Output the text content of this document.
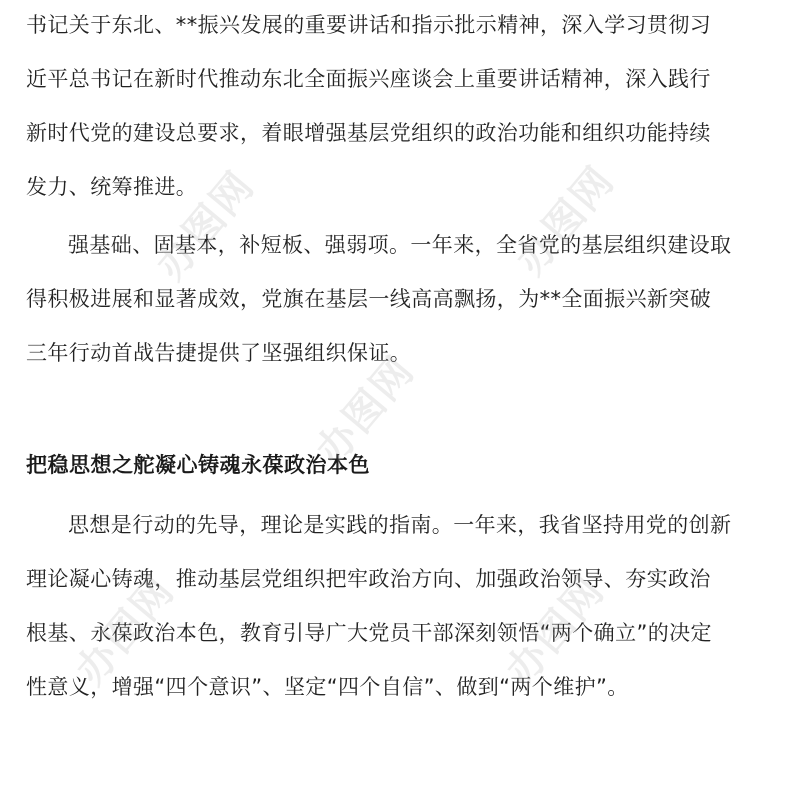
书记关于东北、**振兴发展的重要讲话和指示批示精神，深入学习贯彻习
近平总书记在新时代推动东北全面振兴座谈会上重要讲话精神，深入践行
新时代党的建设总要求，着眼增强基层党组织的政治功能和组织功能持续
发力、统筹推进。

强基础、固基本，补短板、强弱项。一年来，全省党的基层组织建设取
得积极进展和显著成效，党旗在基层一线高高飘扬，为**全面振兴新突破
三年行动首战告捷提供了坚强组织保证。

把稳思想之舵凝心铸魂永葆政治本色

思想是行动的先导，理论是实践的指南。一年来，我省坚持用党的创新
理论凝心铸魂，推动基层党组织把牢政治方向、加强政治领导、夯实政治
根基、永葆政治本色，教育引导广大党员干部深刻领悟“两个确立”的决定
性意义，增强“四个意识”、坚定“四个自信”、做到“两个维护”。

办图网	办图网
办图网
办图网	办图网
